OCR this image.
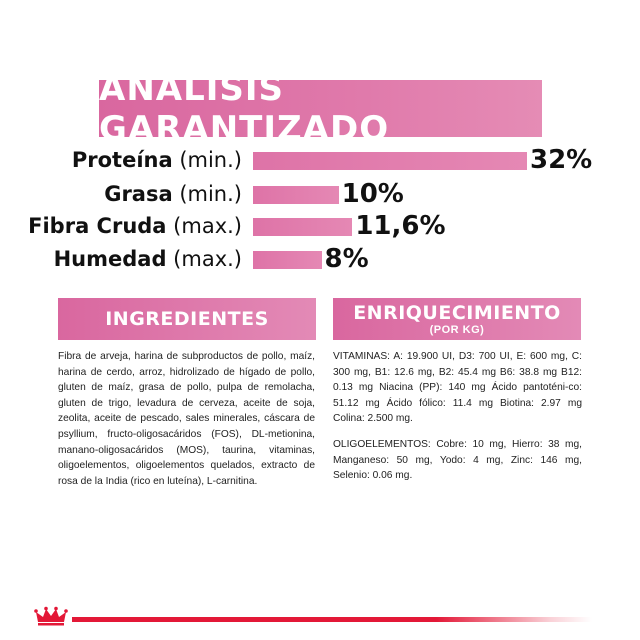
ANÁLISIS GARANTIZADO
Proteína (min.)	32%
Grasa (min.)	10%
Fibra Cruda (max.)	11,6%
Humedad (max.)	8%
INGREDIENTES

Fibra de arveja, harina de subproductos de pollo, maíz, harina de cerdo, arroz, hidrolizado de hígado de pollo, gluten de maíz, grasa de pollo, pulpa de remolacha, gluten de trigo, levadura de cerveza, aceite de soja, zeolita, aceite de pescado, sales minerales, cáscara de psyllium, fructo-oligosacáridos (FOS), DL-metionina, manano-oligosacáridos (MOS), taurina, vitaminas, oligoelementos, oligoelementos quelados, extracto de rosa de la India (rico en luteína), L-carnitina.

ENRIQUECIMIENTO
(POR KG)

VITAMINAS: A: 19.900 UI, D3: 700 UI, E: 600 mg, C: 300 mg, B1: 12.6 mg, B2: 45.4 mg B6: 38.8 mg B12: 0.13 mg Niacina (PP): 140 mg Ácido pantoténi-co: 51.12 mg Ácido fólico: 11.4 mg Biotina: 2.97 mg Colina: 2.500 mg.

OLIGOELEMENTOS: Cobre: 10 mg, Hierro: 38 mg, Manganeso: 50 mg, Yodo: 4 mg, Zinc: 146 mg, Selenio: 0.06 mg.
